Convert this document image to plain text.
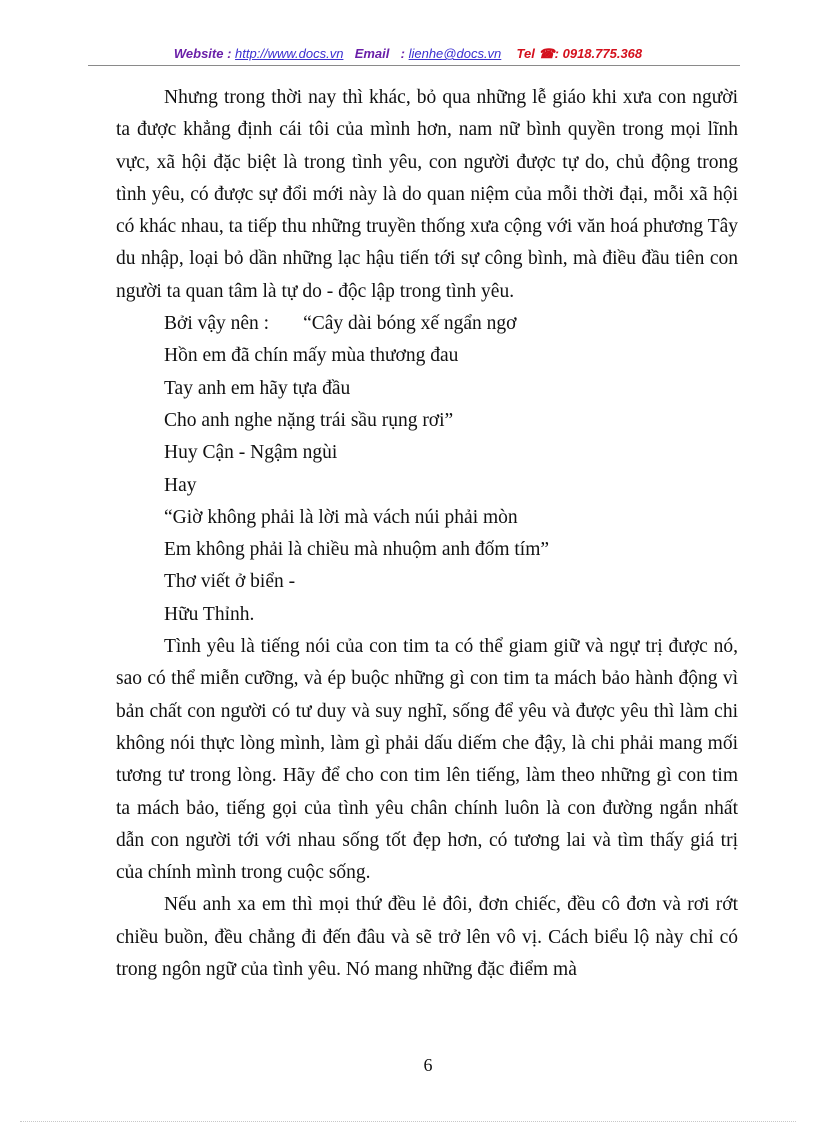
Website : http://www.docs.vn Email : lienhe@docs.vn Tel ☎: 0918.775.368

Nhưng trong thời nay thì khác, bỏ qua những lễ giáo khi xưa con người ta được khẳng định cái tôi của mình hơn, nam nữ bình quyền trong mọi lĩnh vực, xã hội đặc biệt là trong tình yêu, con người được tự do, chủ động trong tình yêu, có được sự đổi mới này là do quan niệm của mỗi thời đại, mỗi xã hội có khác nhau, ta tiếp thu những truyền thống xưa cộng với văn hoá phương Tây du nhập, loại bỏ dần những lạc hậu tiến tới sự công bình, mà điều đầu tiên con người ta quan tâm là tự do - độc lập trong tình yêu.

Bởi vậy nên : “Cây dài bóng xế ngẩn ngơ

Hồn em đã chín mấy mùa thương đau

Tay anh em hãy tựa đầu

Cho anh nghe nặng trái sầu rụng rơi”

Huy Cận - Ngậm ngùi

Hay

“Giờ không phải là lời mà vách núi phải mòn

Em không phải là chiều mà nhuộm anh đốm tím”

Thơ viết ở biển -

Hữu Thỉnh.

Tình yêu là tiếng nói của con tim ta có thể giam giữ và ngự trị được nó, sao có thể miễn cưỡng, và ép buộc những gì con tim ta mách bảo hành động vì bản chất con người có tư duy và suy nghĩ, sống để yêu và được yêu thì làm chi không nói thực lòng mình, làm gì phải dấu diếm che đậy, là chi phải mang mối tương tư trong lòng. Hãy để cho con tim lên tiếng, làm theo những gì con tim ta mách bảo, tiếng gọi của tình yêu chân chính luôn là con đường ngắn nhất dẫn con người tới với nhau sống tốt đẹp hơn, có tương lai và tìm thấy giá trị của chính mình trong cuộc sống.

Nếu anh xa em thì mọi thứ đều lẻ đôi, đơn chiếc, đều cô đơn và rơi rớt chiều buồn, đều chẳng đi đến đâu và sẽ trở lên vô vị. Cách biểu lộ này chỉ có trong ngôn ngữ của tình yêu. Nó mang những đặc điểm mà

6
